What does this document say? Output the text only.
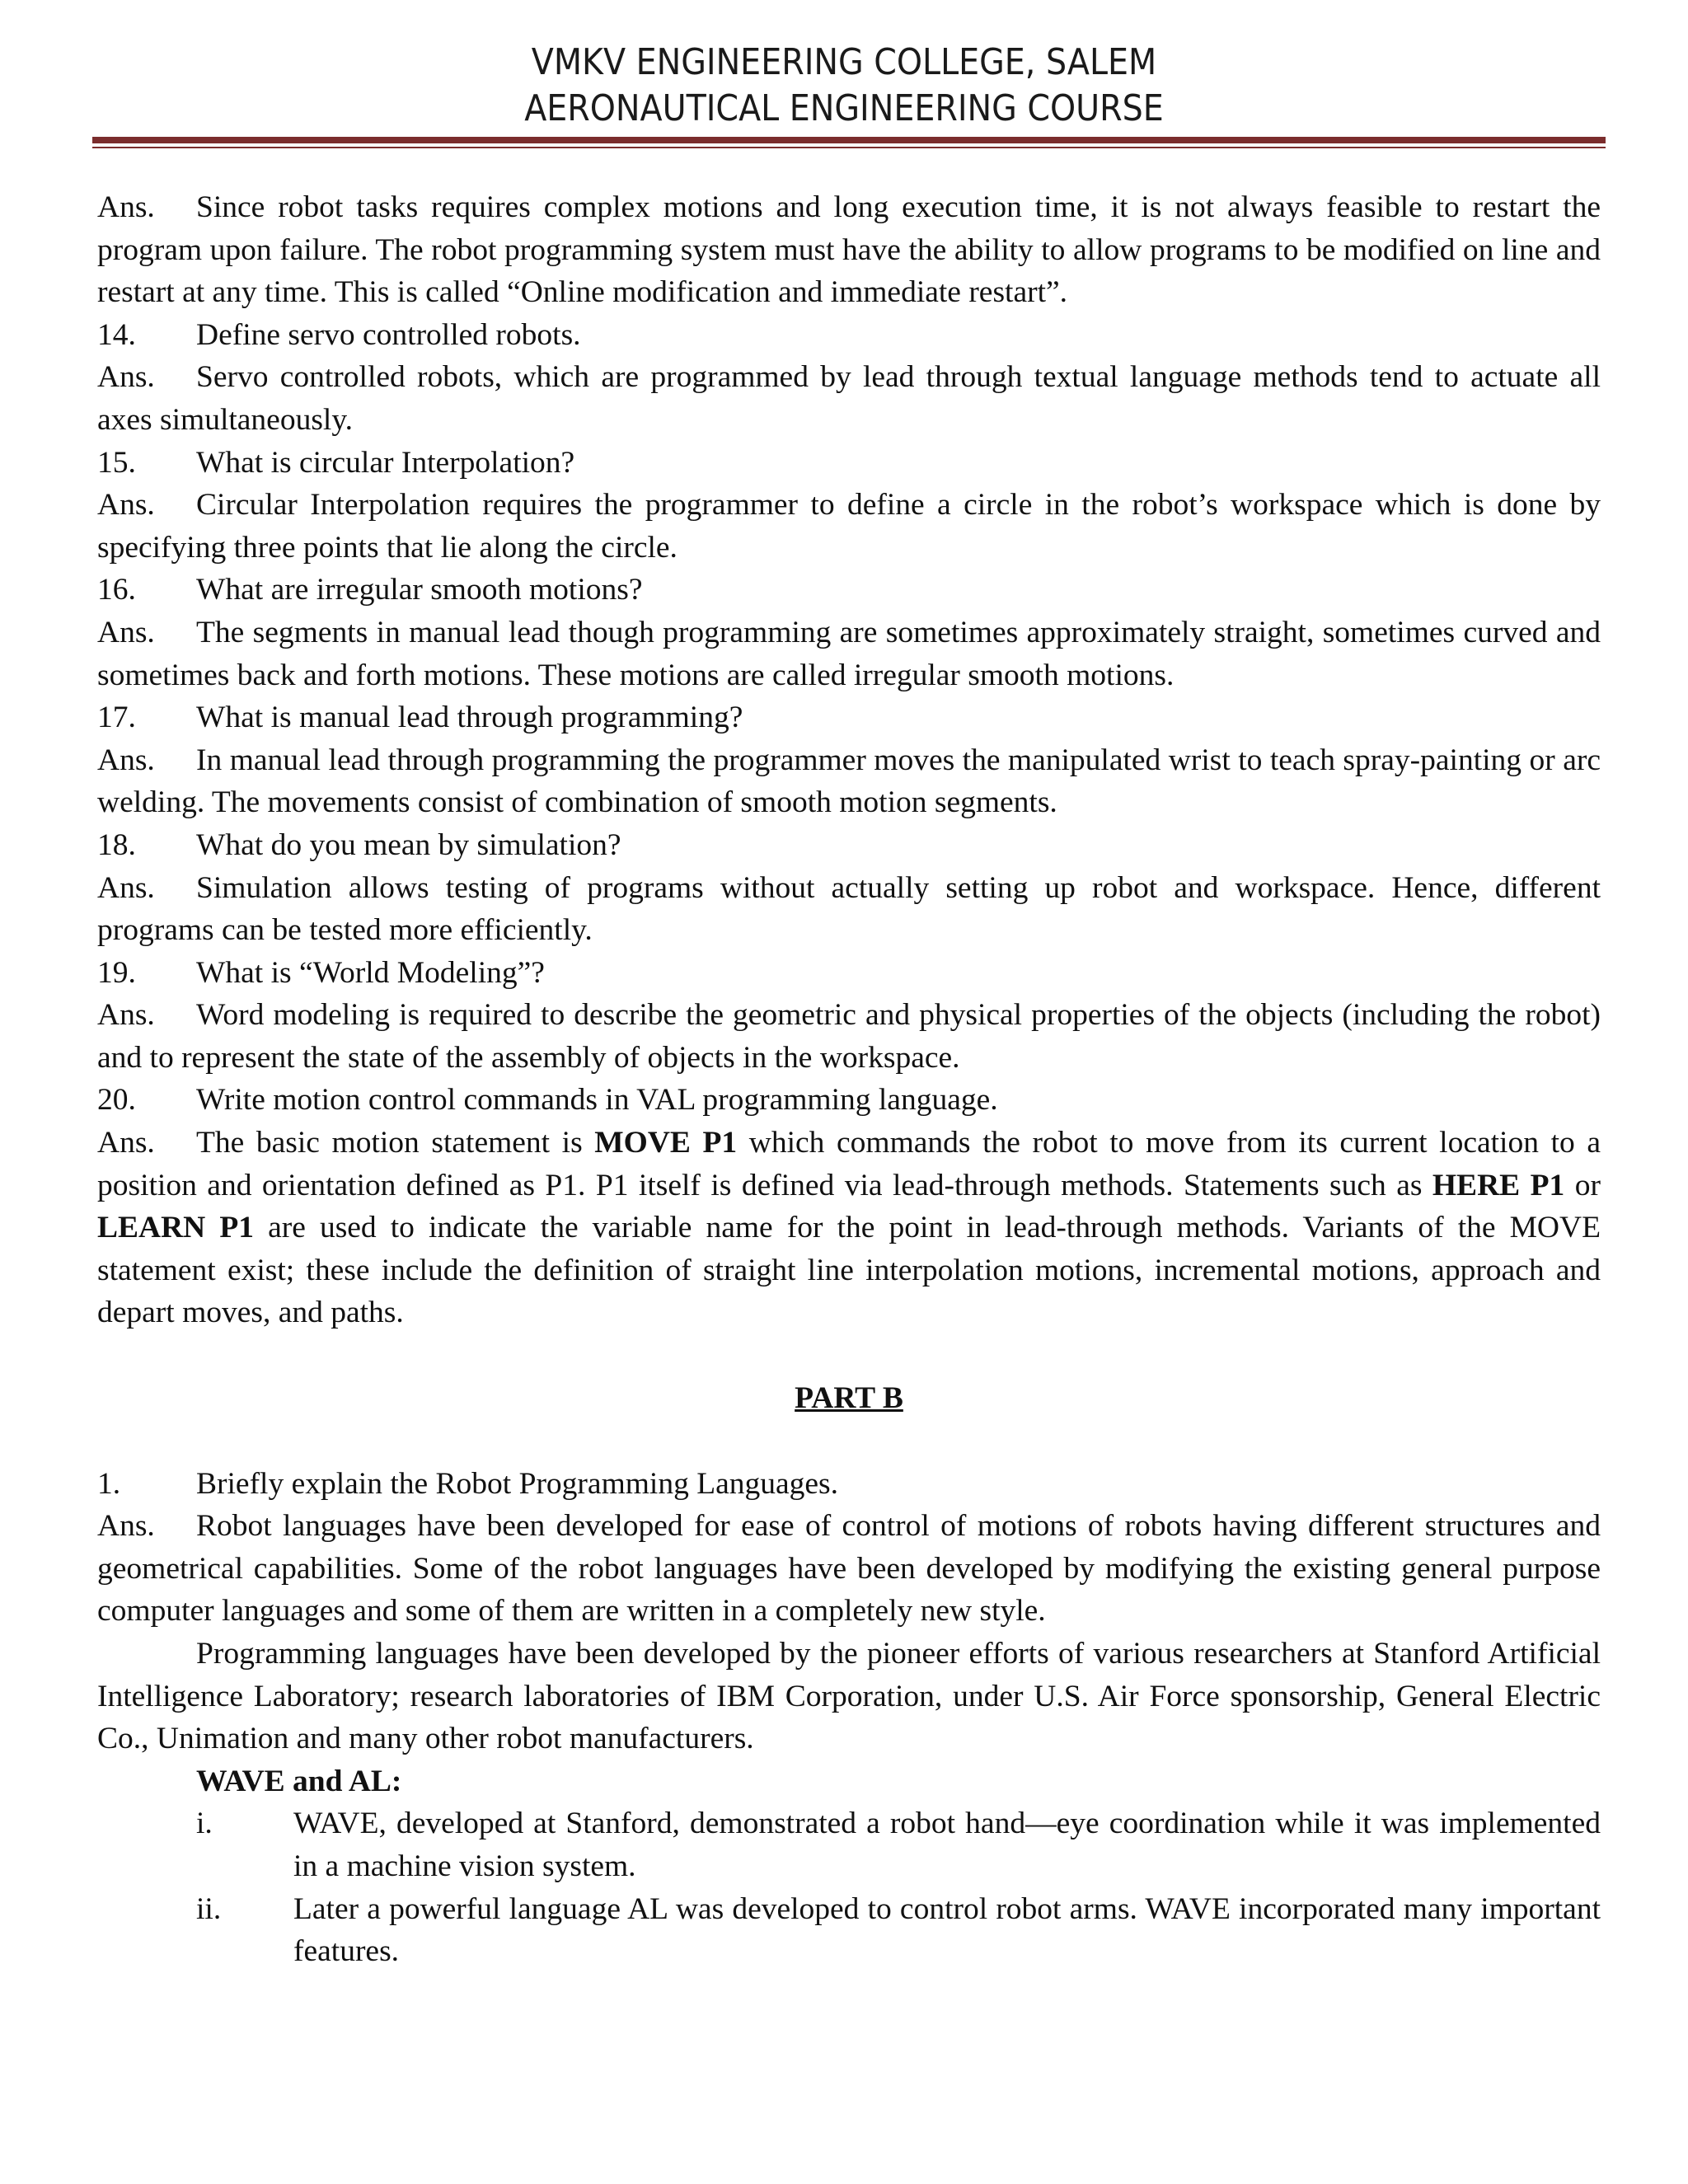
VMKV ENGINEERING COLLEGE, SALEM
AERONAUTICAL ENGINEERING COURSE

Ans. Since robot tasks requires complex motions and long execution time, it is not always feasible to restart the program upon failure. The robot programming system must have the ability to allow programs to be modified on line and restart at any time. This is called “Online modification and immediate restart”.

14. Define servo controlled robots.

Ans. Servo controlled robots, which are programmed by lead through textual language methods tend to actuate all axes simultaneously.

15. What is circular Interpolation?

Ans. Circular Interpolation requires the programmer to define a circle in the robot’s workspace which is done by specifying three points that lie along the circle.

16. What are irregular smooth motions?

Ans. The segments in manual lead though programming are sometimes approximately straight, sometimes curved and sometimes back and forth motions. These motions are called irregular smooth motions.

17. What is manual lead through programming?

Ans. In manual lead through programming the programmer moves the manipulated wrist to teach spray-painting or arc welding. The movements consist of combination of smooth motion segments.

18. What do you mean by simulation?

Ans. Simulation allows testing of programs without actually setting up robot and workspace. Hence, different programs can be tested more efficiently.

19. What is “World Modeling”?

Ans. Word modeling is required to describe the geometric and physical properties of the objects (including the robot) and to represent the state of the assembly of objects in the workspace.

20. Write motion control commands in VAL programming language.

Ans. The basic motion statement is MOVE P1 which commands the robot to move from its current location to a position and orientation defined as P1. P1 itself is defined via lead-through methods. Statements such as HERE P1 or LEARN P1 are used to indicate the variable name for the point in lead-through methods. Variants of the MOVE statement exist; these include the definition of straight line interpolation motions, incremental motions, approach and depart moves, and paths.

PART B

1. Briefly explain the Robot Programming Languages.

Ans. Robot languages have been developed for ease of control of motions of robots having different structures and geometrical capabilities. Some of the robot languages have been developed by modifying the existing general purpose computer languages and some of them are written in a completely new style.

Programming languages have been developed by the pioneer efforts of various researchers at Stanford Artificial Intelligence Laboratory; research laboratories of IBM Corporation, under U.S. Air Force sponsorship, General Electric Co., Unimation and many other robot manufacturers.

WAVE and AL:

i.	WAVE, developed at Stanford, demonstrated a robot hand—eye coordination while it was implemented in a machine vision system.

ii. Later a powerful language AL was developed to control robot arms. WAVE incorporated many important features.
